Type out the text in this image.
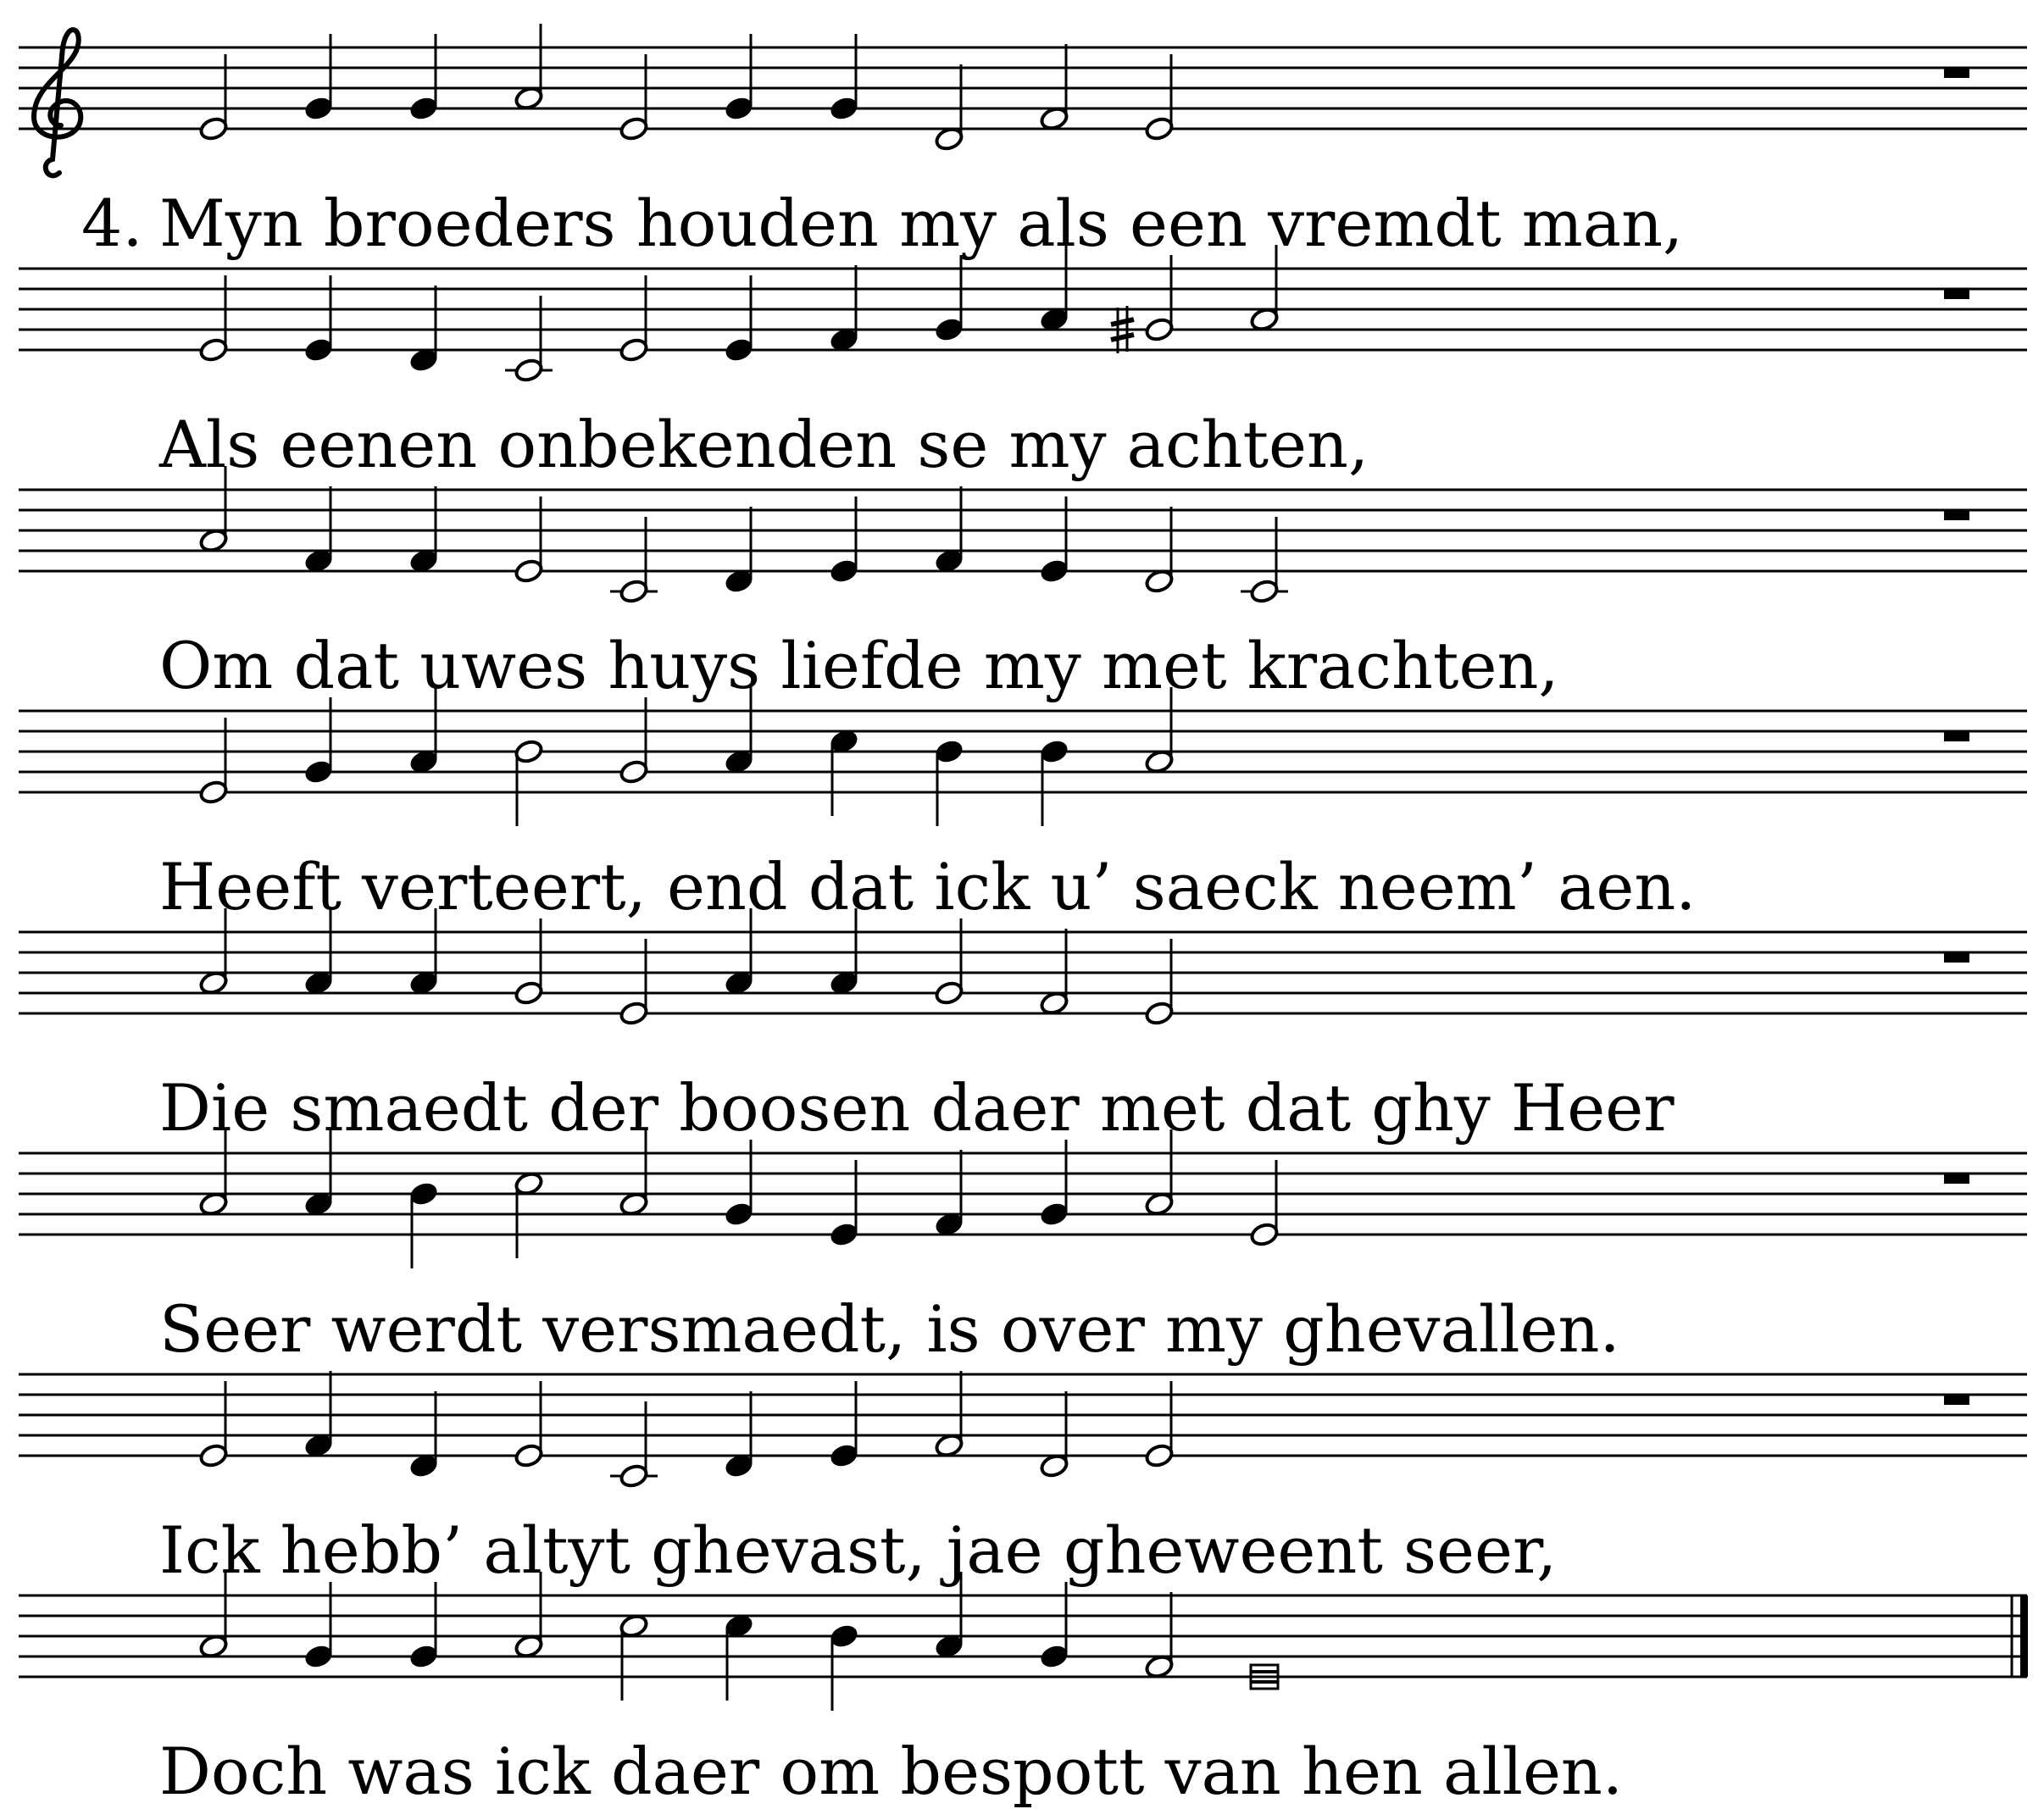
Myn broeders houden my als een vremdt man,
4.
Als eenen onbekenden se my achten,
Om dat uwes huys liefde my met krachten,
Heeft verteert, end dat ick u’ saeck neem’ aen.
Die smaedt der boosen daer met dat ghy Heer
Seer werdt versmaedt, is over my ghevallen.
Ick hebb’ altyt ghevast, jae gheweent seer,
Doch was ick daer om bespott van hen allen.
